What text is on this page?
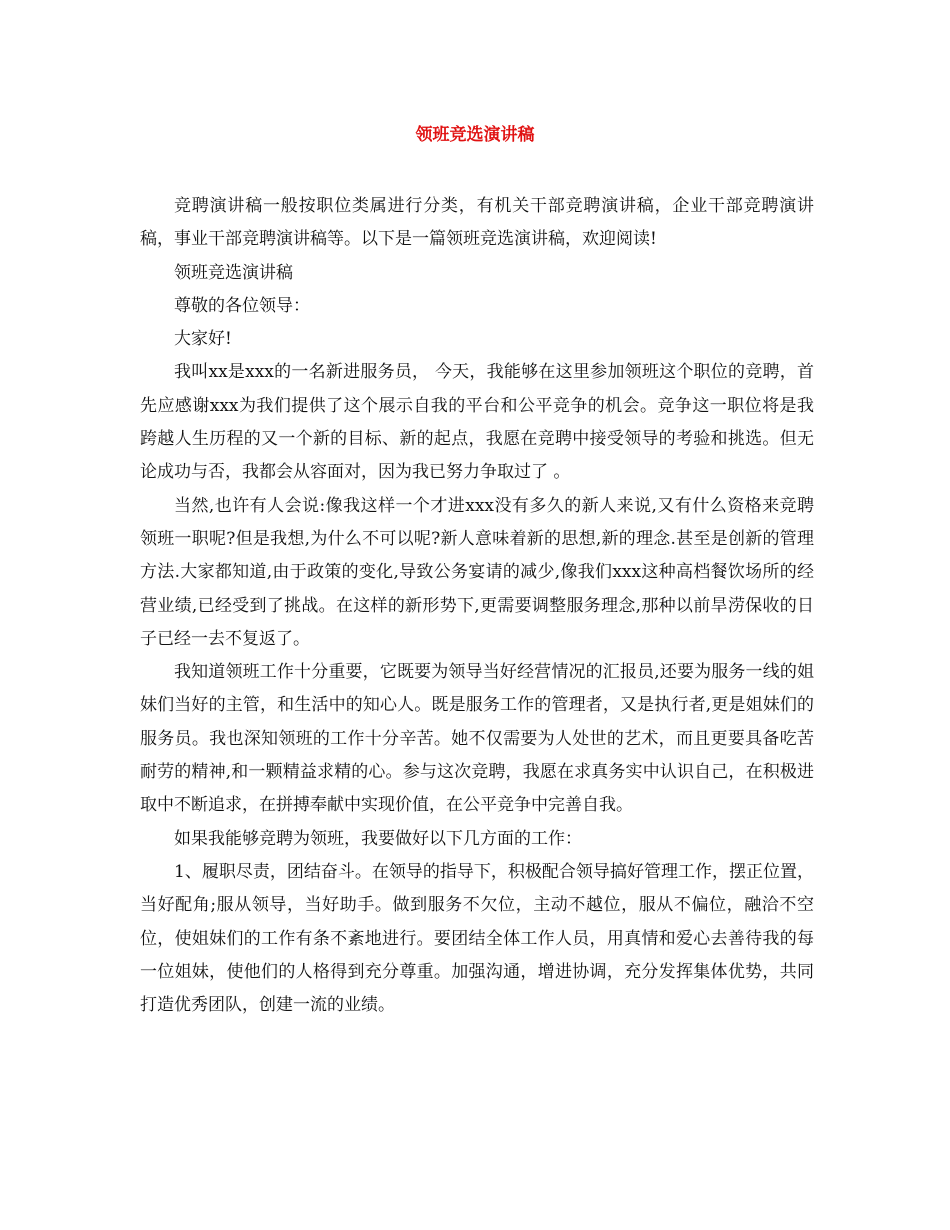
领班竞选演讲稿

竞聘演讲稿一般按职位类属进行分类，有机关干部竞聘演讲稿，企业干部竞聘演讲稿，事业干部竞聘演讲稿等。以下是一篇领班竞选演讲稿，欢迎阅读!

领班竞选演讲稿

尊敬的各位领导：

大家好!

我叫xx是xxx的一名新进服务员， 今天，我能够在这里参加领班这个职位的竞聘，首先应感谢xxx为我们提供了这个展示自我的平台和公平竞争的机会。竞争这一职位将是我跨越人生历程的又一个新的目标、新的起点，我愿在竞聘中接受领导的考验和挑选。但无论成功与否，我都会从容面对，因为我已努力争取过了 。

当然,也许有人会说:像我这样一个才进xxx没有多久的新人来说,又有什么资格来竞聘领班一职呢?但是我想,为什么不可以呢?新人意味着新的思想,新的理念.甚至是创新的管理方法.大家都知道,由于政策的变化,导致公务宴请的减少,像我们xxx这种高档餐饮场所的经营业绩,已经受到了挑战。在这样的新形势下,更需要调整服务理念,那种以前旱涝保收的日子已经一去不复返了。

我知道领班工作十分重要，它既要为领导当好经营情况的汇报员,还要为服务一线的姐妹们当好的主管，和生活中的知心人。既是服务工作的管理者，又是执行者,更是姐妹们的服务员。我也深知领班的工作十分辛苦。她不仅需要为人处世的艺术，而且更要具备吃苦耐劳的精神,和一颗精益求精的心。参与这次竞聘，我愿在求真务实中认识自己，在积极进取中不断追求，在拼搏奉献中实现价值，在公平竞争中完善自我。

如果我能够竞聘为领班，我要做好以下几方面的工作：

1、履职尽责，团结奋斗。在领导的指导下，积极配合领导搞好管理工作，摆正位置，当好配角;服从领导，当好助手。做到服务不欠位，主动不越位，服从不偏位，融洽不空位，使姐妹们的工作有条不紊地进行。要团结全体工作人员，用真情和爱心去善待我的每一位姐妹，使他们的人格得到充分尊重。加强沟通，增进协调，充分发挥集体优势，共同打造优秀团队，创建一流的业绩。
